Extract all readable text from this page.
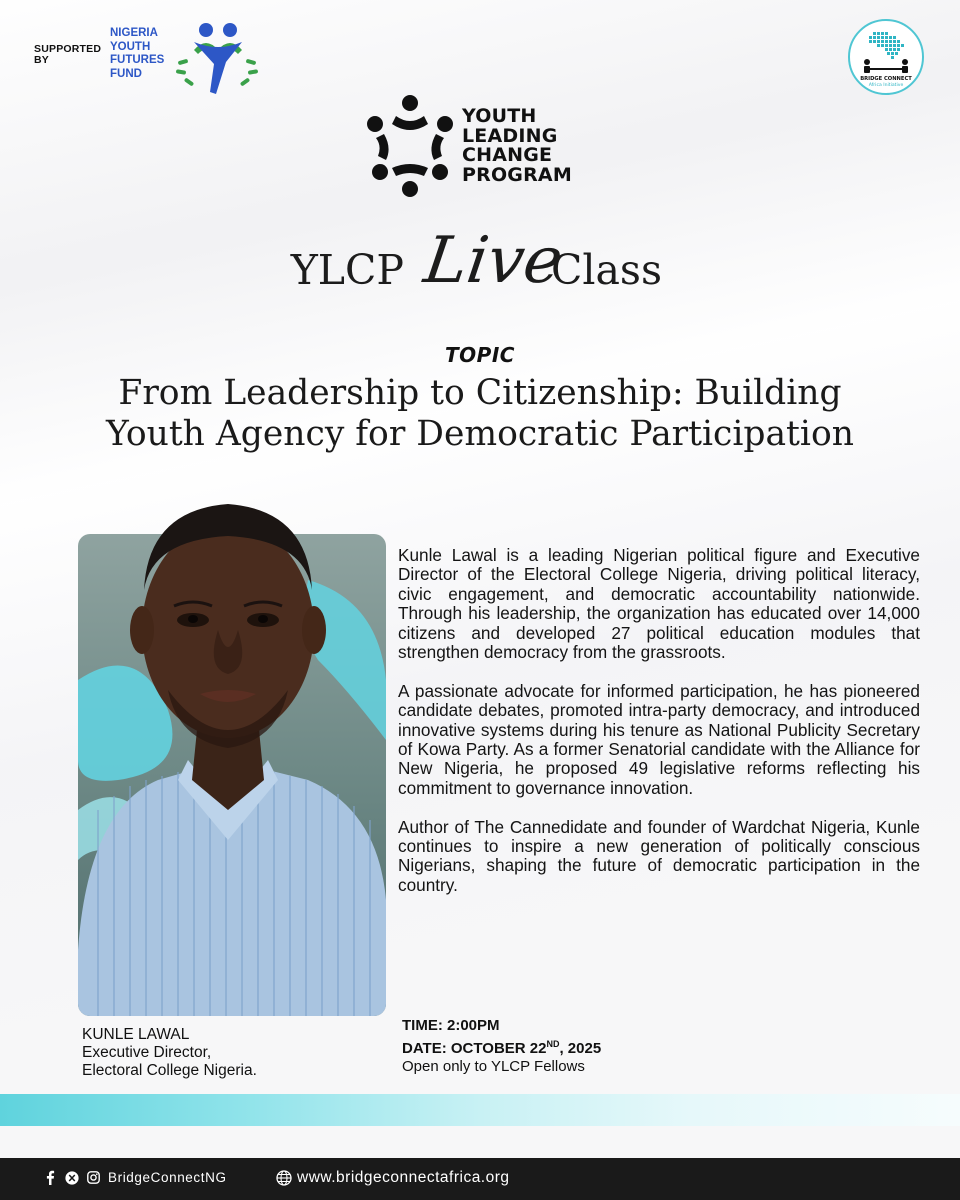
SUPPORTED BY
NIGERIA
YOUTH
FUTURES
FUND	BRIDGE CONNECT
Africa Initiative
YOUTH
LEADING
CHANGE
PROGRAM
YLCP Live
Class
TOPIC
From Leadership to Citizenship: Building Youth Agency for Democratic Participation
KUNLE LAWAL
Executive Director,
Electoral College Nigeria.

Kunle Lawal is a leading Nigerian political figure and Executive Director of the Electoral College Nigeria, driving political literacy, civic engagement, and democratic accountability nationwide. Through his leadership, the organization has educated over 14,000 citizens and developed 27 political education modules that strengthen democracy from the grassroots.

A passionate advocate for informed participation, he has pioneered candidate debates, promoted intra-party democracy, and introduced innovative systems during his tenure as National Publicity Secretary of Kowa Party. As a former Senatorial candidate with the Alliance for New Nigeria, he proposed 49 legislative reforms reflecting his commitment to governance innovation.

Author of The Cannedidate and founder of Wardchat Nigeria, Kunle continues to inspire a new generation of politically conscious Nigerians, shaping the future of democratic participation in the country.

TIME: 2:00PM
DATE: OCTOBER 22ND, 2025
Open only to YLCP Fellows
BridgeConnectNG	www.bridgeconnectafrica.org
